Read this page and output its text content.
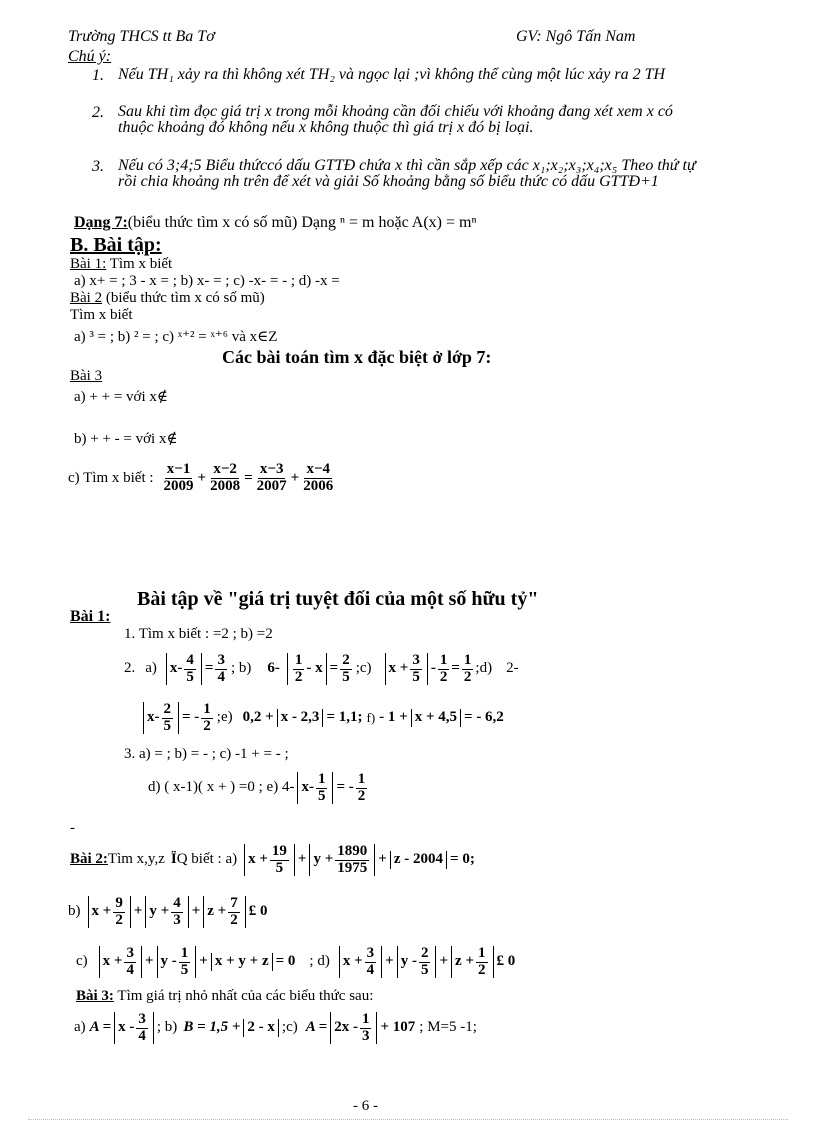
Trường THCS tt Ba Tơ	GV: Ngô Tấn Nam
Chú ý:
1. Nếu TH₁ xảy ra thì không xét TH₂ và ngọc lại ;vì không thể cùng một lúc xảy ra 2 TH
2. Sau khi tìm đọc giá trị x trong mỗi khoảng cần đối chiếu với khoảng đang xét xem x có thuộc khoảng đó không nếu x không thuộc thì giá trị x đó bị loại.
3. Nếu có 3;4;5 Biểu thứccó dấu GTTĐ chứa x thì cần sắp xếp các x₁;x₂;x₃;x₄;x₅ Theo thứ tự rồi chia khoảng nh trên để xét và giải Số khoảng bằng số biểu thức có dấu GTTĐ+1
Dạng 7:(biểu thức tìm x có số mũ) Dạng ⁿ = m hoặc A(x) = mⁿ
B. Bài tập:
Bài 1: Tìm x biết
a) x+ = ; 3 - x = ; b) x- = ; c) -x- = - ; d) -x =
Bài 2 (biểu thức tìm x có số mũ)
Tìm x biết
a) ³ = ; b) ² = ; c) ˣ⁺² = ˣ⁺⁶ và x∈Z
Các bài toán tìm x đặc biệt ở lớp 7:
Bài 3
a) + + = với x∉
b) + + - = với x∉
c) Tìm x biết : $\frac{x-1}{2009} + \frac{x-2}{2008} = \frac{x-3}{2007} + \frac{x-4}{2006}$
Bài tập về "giá trị tuyệt đối của một số hữu tỷ"
Bài 1:
1. Tìm x biết : =2 ; b) =2
2. a) $x- \frac{4}{5} = \frac{3}{4}$ ; b) $6- \frac{1}{2} - x = \frac{2}{5}$ ;c) $x + \frac{3}{5} - \frac{1}{2} = \frac{1}{2}$ ;d) 2-
$x- \frac{2}{5}$ = - $\frac{1}{2}$ ;e) 0,2 + x - 2,3 = 1,1; f) - 1 + x + 4,5 = - 6,2
3. a) = ; b) = - ; c) -1 + = - ;
d) ( x-1)( x + ) =0 ; e) 4- $x- \frac{1}{5}$ = - $\frac{1}{2}$
-
Bài 2: Tìm x,y,z Ï Q biết : a) $x + \frac{19}{5} + y + \frac{1890}{1975} + z - 2004 = 0$;
b) $x + \frac{9}{2} + y + \frac{4}{3} + z + \frac{7}{2}$ £ 0
c) $x + \frac{3}{4} + y - \frac{1}{5} + x + y + z = 0$ ; d) $x + \frac{3}{4} + y - \frac{2}{5} + z + \frac{1}{2}$ £ 0
Bài 3: Tìm giá trị nhỏ nhất của các biểu thức sau:
a) $A = x - \frac{3}{4}$ ; b) B = 1,5 + 2 - x ;c) $A = 2x - \frac{1}{3} + 107$ ; M=5 -1;
- 6 -
